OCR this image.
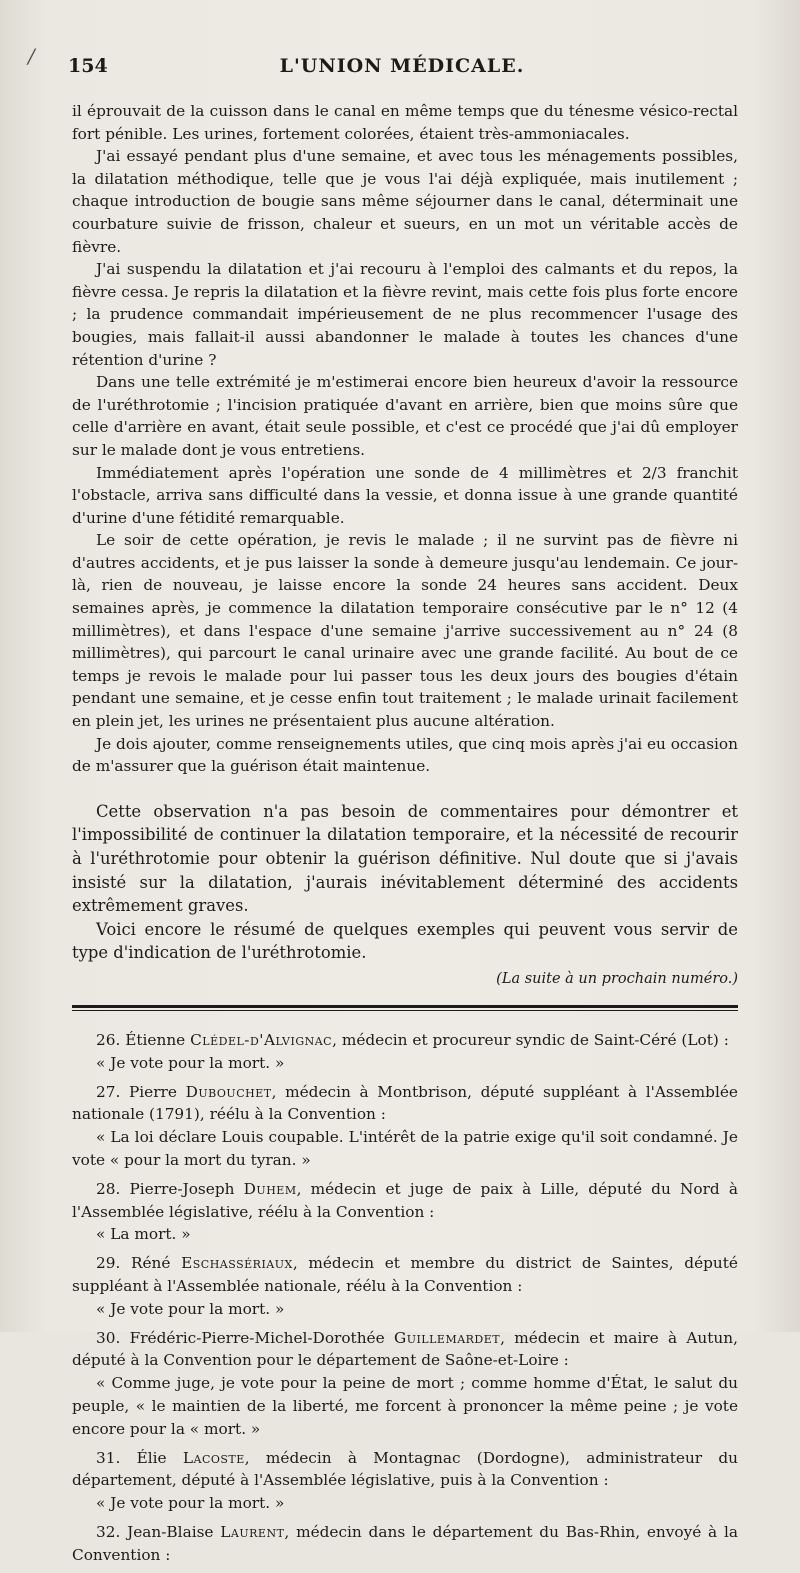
/ 154	L'UNION MÉDICALE.

il éprouvait de la cuisson dans le canal en même temps que du ténesme vésico-rectal fort pénible. Les urines, fortement colorées, étaient très-ammoniacales.

J'ai essayé pendant plus d'une semaine, et avec tous les ménagements possibles, la dilatation méthodique, telle que je vous l'ai déjà expliquée, mais inutilement ; chaque introduction de bougie sans même séjourner dans le canal, déterminait une courbature suivie de frisson, chaleur et sueurs, en un mot un véritable accès de fièvre.

J'ai suspendu la dilatation et j'ai recouru à l'emploi des calmants et du repos, la fièvre cessa. Je repris la dilatation et la fièvre revint, mais cette fois plus forte encore ; la prudence commandait impérieusement de ne plus recommencer l'usage des bougies, mais fallait-il aussi abandonner le malade à toutes les chances d'une rétention d'urine ?

Dans une telle extrémité je m'estimerai encore bien heureux d'avoir la ressource de l'uréthrotomie ; l'incision pratiquée d'avant en arrière, bien que moins sûre que celle d'arrière en avant, était seule possible, et c'est ce procédé que j'ai dû employer sur le malade dont je vous entretiens.

Immédiatement après l'opération une sonde de 4 millimètres et 2/3 franchit l'obstacle, arriva sans difficulté dans la vessie, et donna issue à une grande quantité d'urine d'une fétidité remarquable.

Le soir de cette opération, je revis le malade ; il ne survint pas de fièvre ni d'autres accidents, et je pus laisser la sonde à demeure jusqu'au lendemain. Ce jour-là, rien de nouveau, je laisse encore la sonde 24 heures sans accident. Deux semaines après, je commence la dilatation temporaire consécutive par le n° 12 (4 millimètres), et dans l'espace d'une semaine j'arrive successivement au n° 24 (8 millimètres), qui parcourt le canal urinaire avec une grande facilité. Au bout de ce temps je revois le malade pour lui passer tous les deux jours des bougies d'étain pendant une semaine, et je cesse enfin tout traitement ; le malade urinait facilement en plein jet, les urines ne présentaient plus aucune altération.

Je dois ajouter, comme renseignements utiles, que cinq mois après j'ai eu occasion de m'assurer que la guérison était maintenue.

Cette observation n'a pas besoin de commentaires pour démontrer et l'impossibilité de continuer la dilatation temporaire, et la nécessité de recourir à l'uréthrotomie pour obtenir la guérison définitive. Nul doute que si j'avais insisté sur la dilatation, j'aurais inévitablement déterminé des accidents extrêmement graves.

Voici encore le résumé de quelques exemples qui peuvent vous servir de type d'indication de l'uréthrotomie.

(La suite à un prochain numéro.)

26. Étienne Clédel-d'Alvignac, médecin et procureur syndic de Saint-Céré (Lot) :

« Je vote pour la mort. »

27. Pierre Dubouchet, médecin à Montbrison, député suppléant à l'Assemblée nationale (1791), réélu à la Convention :

« La loi déclare Louis coupable. L'intérêt de la patrie exige qu'il soit condamné. Je vote « pour la mort du tyran. »

28. Pierre-Joseph Duhem, médecin et juge de paix à Lille, député du Nord à l'Assemblée législative, réélu à la Convention :

« La mort. »

29. Réné Eschassériaux, médecin et membre du district de Saintes, député suppléant à l'Assemblée nationale, réélu à la Convention :

« Je vote pour la mort. »

30. Frédéric-Pierre-Michel-Dorothée Guillemardet, médecin et maire à Autun, député à la Convention pour le département de Saône-et-Loire :

« Comme juge, je vote pour la peine de mort ; comme homme d'État, le salut du peuple, « le maintien de la liberté, me forcent à prononcer la même peine ; je vote encore pour la « mort. »

31. Élie Lacoste, médecin à Montagnac (Dordogne), administrateur du département, député à l'Assemblée législative, puis à la Convention :

« Je vote pour la mort. »

32. Jean-Blaise Laurent, médecin dans le département du Bas-Rhin, envoyé à la Convention :
